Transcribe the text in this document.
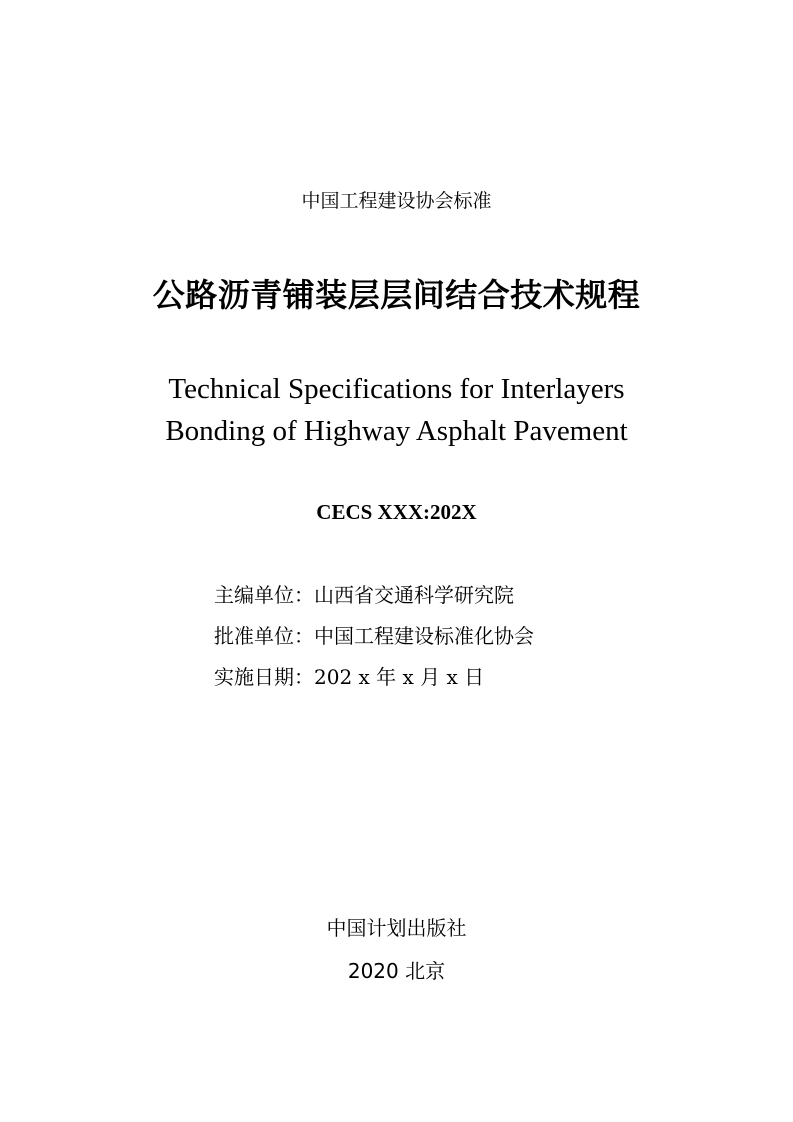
中国工程建设协会标准
公路沥青铺装层层间结合技术规程
Technical Specifications for Interlayers
Bonding of Highway Asphalt Pavement
CECS XXX:202X
主编单位：山西省交通科学研究院
批准单位：中国工程建设标准化协会
实施日期：202 x 年 x 月 x 日
中国计划出版社
2020 北京
